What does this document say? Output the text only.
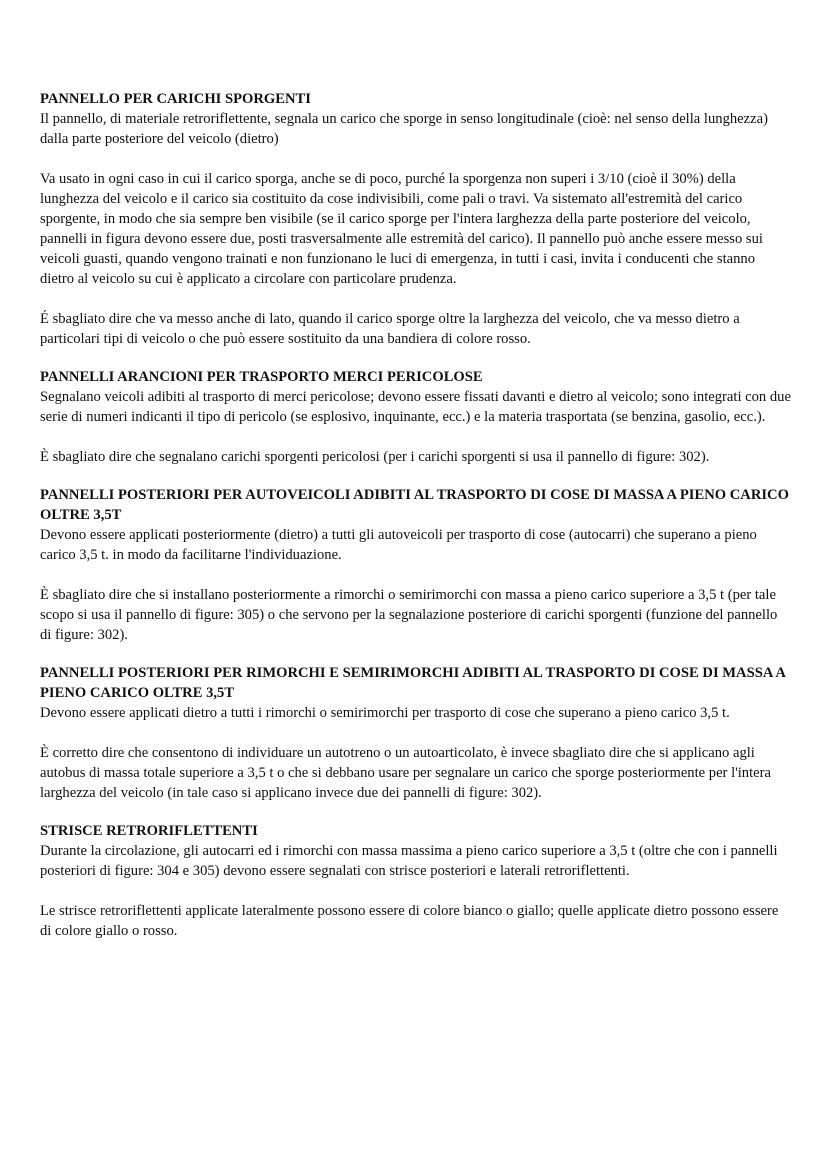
PANNELLO PER CARICHI SPORGENTI

Il pannello, di materiale retroriflettente, segnala un carico che sporge in senso longitudinale (cioè: nel senso della lunghezza) dalla parte posteriore del veicolo (dietro)

Va usato in ogni caso in cui il carico sporga, anche se di poco, purché la sporgenza non superi i 3/10 (cioè il 30%) della lunghezza del veicolo e il carico sia costituito da cose indivisibili, come pali o travi. Va sistemato all'estremità del carico sporgente, in modo che sia sempre ben visibile (se il carico sporge per l'intera larghezza della parte posteriore del veicolo, pannelli in figura devono essere due, posti trasversalmente alle estremità del carico). Il pannello può anche essere messo sui veicoli guasti, quando vengono trainati e non funzionano le luci di emergenza, in tutti i casi, invita i conducenti che stanno dietro al veicolo su cui è applicato a circolare con particolare prudenza.

É sbagliato dire che va messo anche di lato, quando il carico sporge oltre la larghezza del veicolo, che va messo dietro a particolari tipi di veicolo o che può essere sostituito da una bandiera di colore rosso.

PANNELLI ARANCIONI PER TRASPORTO MERCI PERICOLOSE

Segnalano veicoli adibiti al trasporto di merci pericolose; devono essere fissati davanti e dietro al veicolo; sono integrati con due serie di numeri indicanti il tipo di pericolo (se esplosivo, inquinante, ecc.) e la materia trasportata (se benzina, gasolio, ecc.).

È sbagliato dire che segnalano carichi sporgenti pericolosi (per i carichi sporgenti si usa il pannello di figure: 302).

PANNELLI POSTERIORI PER AUTOVEICOLI ADIBITI AL TRASPORTO DI COSE DI MASSA A PIENO CARICO OLTRE 3,5T

Devono essere applicati posteriormente (dietro) a tutti gli autoveicoli per trasporto di cose (autocarri) che superano a pieno carico 3,5 t. in modo da facilitarne l'individuazione.

È sbagliato dire che si installano posteriormente a rimorchi o semirimorchi con massa a pieno carico superiore a 3,5 t (per tale scopo si usa il pannello di figure: 305) o che servono per la segnalazione posteriore di carichi sporgenti (funzione del pannello di figure: 302).

PANNELLI POSTERIORI PER RIMORCHI E SEMIRIMORCHI ADIBITI AL TRASPORTO DI COSE DI MASSA A PIENO CARICO OLTRE 3,5T

Devono essere applicati dietro a tutti i rimorchi o semirimorchi per trasporto di cose che superano a pieno carico 3,5 t.

È corretto dire che consentono di individuare un autotreno o un autoarticolato, è invece sbagliato dire che si applicano agli autobus di massa totale superiore a 3,5 t o che si debbano usare per segnalare un carico che sporge posteriormente per l'intera larghezza del veicolo (in tale caso si applicano invece due dei pannelli di figure: 302).

STRISCE RETRORIFLETTENTI

Durante la circolazione, gli autocarri ed i rimorchi con massa massima a pieno carico superiore a 3,5 t (oltre che con i pannelli posteriori di figure: 304 e 305) devono essere segnalati con strisce posteriori e laterali retroriflettenti.

Le strisce retroriflettenti applicate lateralmente possono essere di colore bianco o giallo; quelle applicate dietro possono essere di colore giallo o rosso.
